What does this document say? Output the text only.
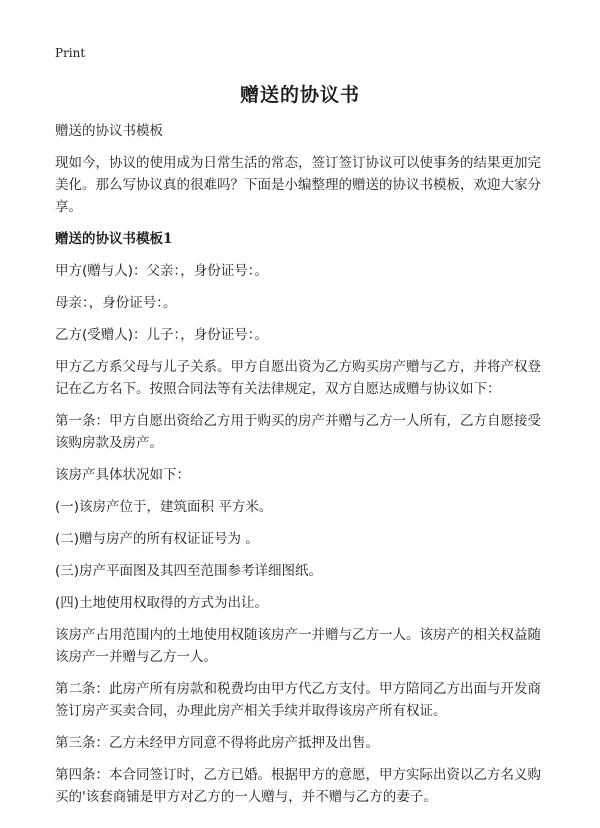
Print
赠送的协议书

赠送的协议书模板

现如今，协议的使用成为日常生活的常态，签订签订协议可以使事务的结果更加完美化。那么写协议真的很难吗？下面是小编整理的赠送的协议书模板，欢迎大家分享。

赠送的协议书模板1

甲方(赠与人)：父亲：，身份证号：。

母亲：，身份证号：。

乙方(受赠人)：儿子：，身份证号：。

甲方乙方系父母与儿子关系。甲方自愿出资为乙方购买房产赠与乙方，并将产权登记在乙方名下。按照合同法等有关法律规定，双方自愿达成赠与协议如下：

第一条：甲方自愿出资给乙方用于购买的房产并赠与乙方一人所有，乙方自愿接受该购房款及房产。

该房产具体状况如下：

(一)该房产位于，建筑面积 平方米。

(二)赠与房产的所有权证证号为 。

(三)房产平面图及其四至范围参考详细图纸。

(四)土地使用权取得的方式为出让。

该房产占用范围内的土地使用权随该房产一并赠与乙方一人。该房产的相关权益随该房产一并赠与乙方一人。

第二条：此房产所有房款和税费均由甲方代乙方支付。甲方陪同乙方出面与开发商签订房产买卖合同，办理此房产相关手续并取得该房产所有权证。

第三条：乙方未经甲方同意不得将此房产抵押及出售。

第四条：本合同签订时，乙方已婚。根据甲方的意愿，甲方实际出资以乙方名义购买的'该套商铺是甲方对乙方的一人赠与，并不赠与乙方的妻子。
